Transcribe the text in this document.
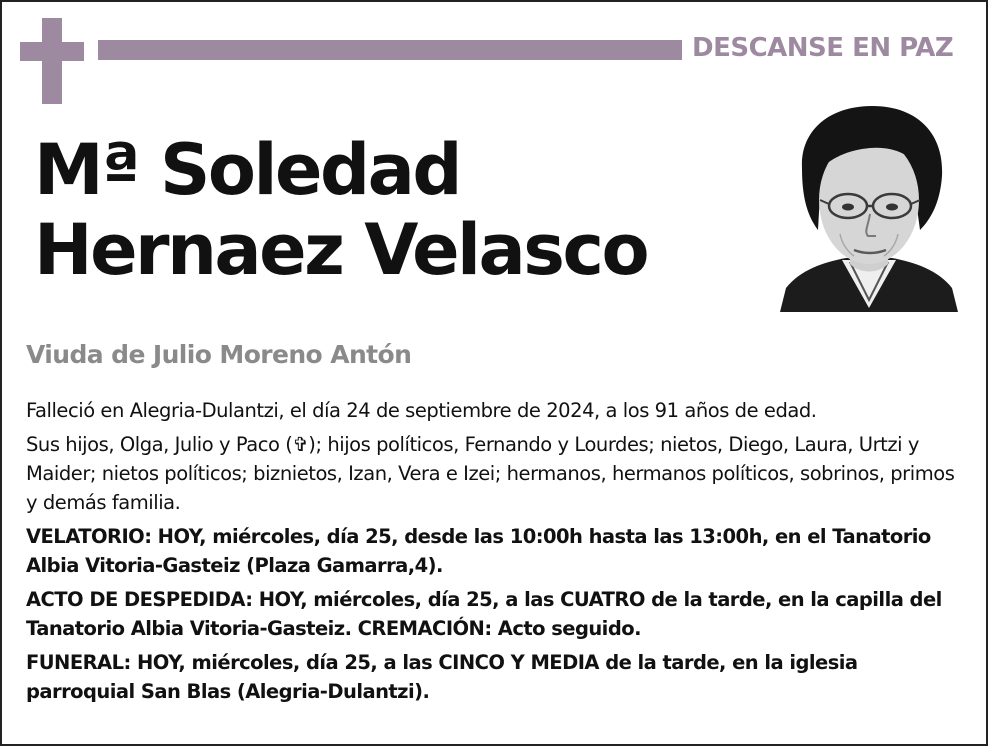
DESCANSE EN PAZ
Mª Soledad
Hernaez Velasco
Viuda de Julio Moreno Antón

Falleció en Alegria-Dulantzi, el día 24 de septiembre de 2024, a los 91 años de edad.

Sus hijos, Olga, Julio y Paco (✞); hijos políticos, Fernando y Lourdes; nietos, Diego, Laura, Urtzi y Maider; nietos políticos; biznietos, Izan, Vera e Izei; hermanos, hermanos políticos, sobrinos, primos y demás familia.

VELATORIO: HOY, miércoles, día 25, desde las 10:00h hasta las 13:00h, en el Tanatorio Albia Vitoria-Gasteiz (Plaza Gamarra,4).

ACTO DE DESPEDIDA: HOY, miércoles, día 25, a las CUATRO de la tarde, en la capilla del Tanatorio Albia Vitoria-Gasteiz. CREMACIÓN: Acto seguido.

FUNERAL: HOY, miércoles, día 25, a las CINCO Y MEDIA de la tarde, en la iglesia parroquial San Blas (Alegria-Dulantzi).
